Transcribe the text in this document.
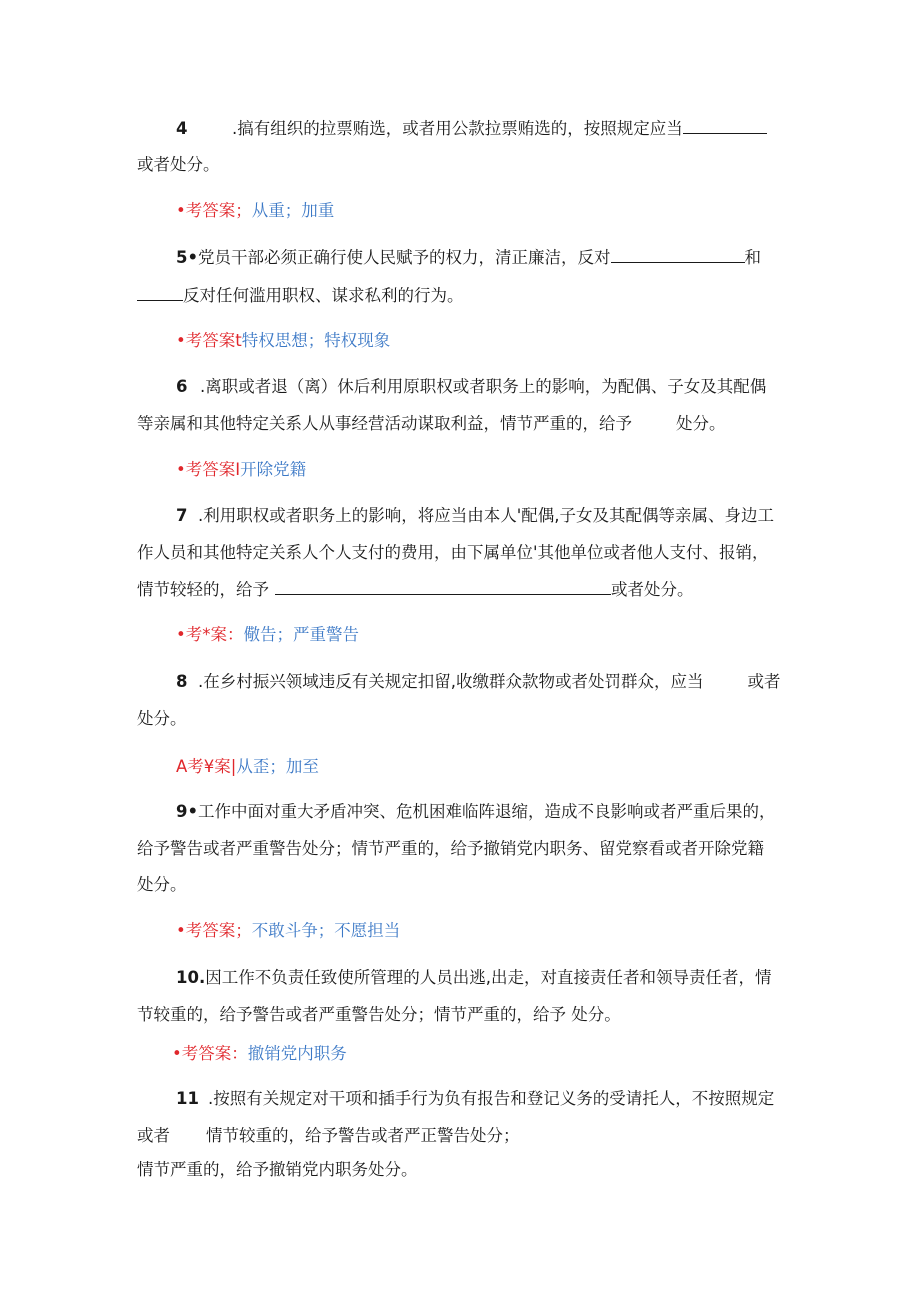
4	.搞有组织的拉票贿选，或者用公款拉票贿选的，按照规定应当
或者处分。
•考答案；从重；加重
5•党员干部必须正确行使人民赋予的权力，清正廉洁，反对	和
反对任何滥用职权、谋求私利的行为。
•考答案t特权思想；特权现象
6 .离职或者退（离）休后利用原职权或者职务上的影响，为配偶、子女及其配偶
等亲属和其他特定关系人从事经营活动谋取利益，情节严重的，给予	处分。
•考答案I开除党籍
7 .利用职权或者职务上的影响，将应当由本人'配偶,子女及其配偶等亲属、身边工
作人员和其他特定关系人个人支付的费用，由下属单位'其他单位或者他人支付、报销，
情节较轻的，给予	或者处分。
•考*案：儆告；严重警告
8 .在乡村振兴领域违反有关规定扣留,收缴群众款物或者处罚群众，应当	或者
处分。
A考¥案|从歪；加至
9•工作中面对重大矛盾冲突、危机困难临阵退缩，造成不良影响或者严重后果的，
给予警告或者严重警告处分；情节严重的，给予撤销党内职务、留党察看或者开除党籍
处分。
•考答案；不敢斗争；不愿担当
10.因工作不负责任致使所管理的人员出逃,出走，对直接责任者和领导责任者，情
节较重的，给予警告或者严重警告处分；情节严重的，给予 处分。
•考答案：撤销党内职务
11 .按照有关规定对干项和插手行为负有报告和登记义务的受请托人，不按照规定
或者 情节较重的，给予警告或者严正警告处分；
情节严重的，给予撤销党内职务处分。
